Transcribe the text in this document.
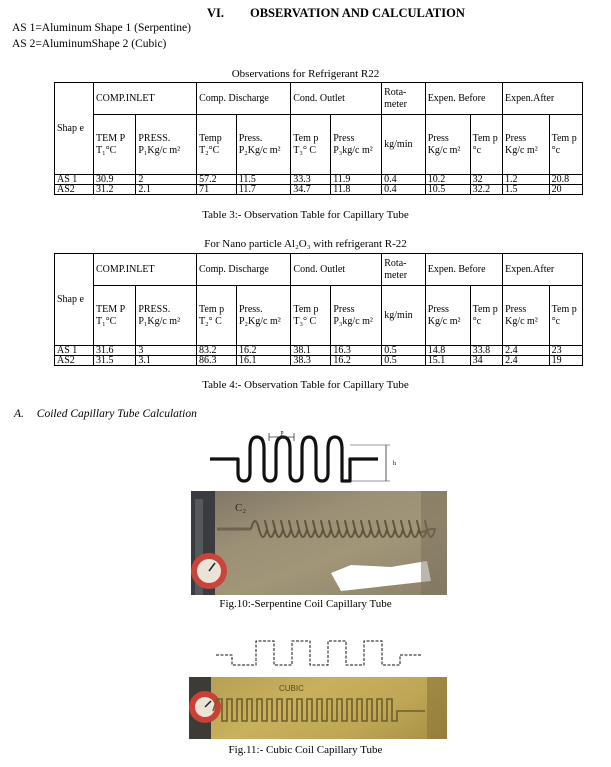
VI. OBSERVATION AND CALCULATION
AS 1=Aluminum Shape 1 (Serpentine)
AS 2=AluminumShape 2 (Cubic)
Observations for Refrigerant R22
Shap e	COMP.INLET		Comp. Discharge		Cond. Outlet		Rota- meter	Expen. Before		Expen.After	
	TEM P T₁°C	PRESS. P₁Kg/c m²	Temp T₂°C	Press. P₂Kg/c m²	Tem p T₃° C	Press P₃kg/c m²	kg/min	Press Kg/c m²	Tem p °c	Press Kg/c m²	Tem p °c
AS 1	30.9	2	57.2	11.5	33.3	11.9	0.4	10.2	32	1.2	20.8
AS2	31.2	2.1	71	11.7	34.7	11.8	0.4	10.5	32.2	1.5	20
Table 3:- Observation Table for Capillary Tube
For Nano particle Al₂O₃ with refrigerant R-22
Shap e	COMP.INLET		Comp. Discharge		Cond. Outlet		Rota- meter	Expen. Before		Expen.After	
	TEM P T₁°C	PRESS. P₁Kg/c m²	Tem p T₂° C	Press. P₂Kg/c m²	Tem p T₃° C	Press P₃kg/c m²	kg/min	Press Kg/c m²	Tem p °c	Press Kg/c m²	Tem p °c
AS 1	31.6	3	83.2	16.2	38.1	16.3	0.5	14.8	33.8	2.4	23
AS2	31.5	3.1	86.3	16.1	38.3	16.2	0.5	15.1	34	2.4	19
Table 4:- Observation Table for Capillary Tube
A. Coiled Capillary Tube Calculation
p
h
C₂
Fig.10:-Serpentine Coil Capillary Tube
CUBIC
Fig.11:- Cubic Coil Capillary Tube
